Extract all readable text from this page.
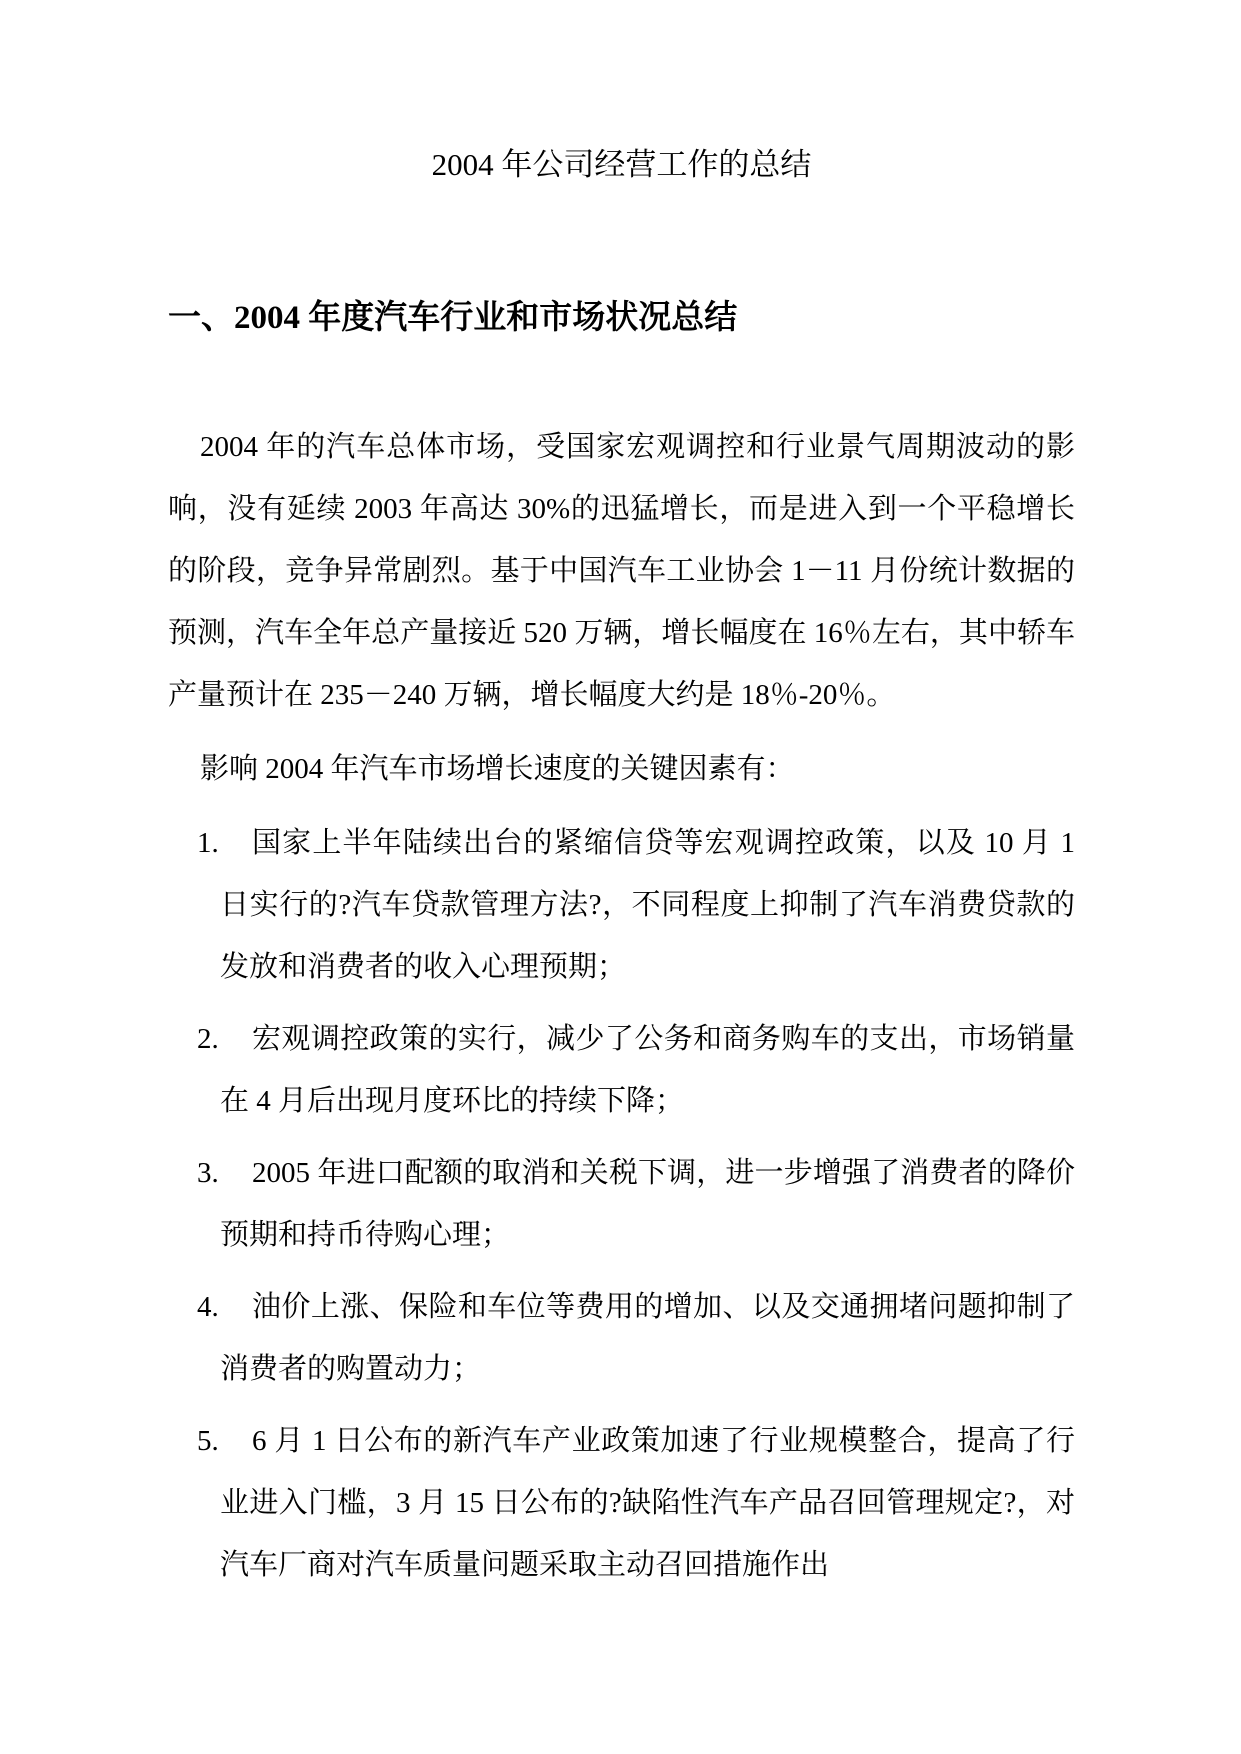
2004 年公司经营工作的总结
一、2004 年度汽车行业和市场状况总结

2004 年的汽车总体市场，受国家宏观调控和行业景气周期波动的影响，没有延续 2003 年高达 30%的迅猛增长，而是进入到一个平稳增长的阶段，竞争异常剧烈。基于中国汽车工业协会 1－11 月份统计数据的预测，汽车全年总产量接近 520 万辆，增长幅度在 16％左右，其中轿车产量预计在 235－240 万辆，增长幅度大约是 18％-20％。

影响 2004 年汽车市场增长速度的关键因素有：

1. 国家上半年陆续出台的紧缩信贷等宏观调控政策，以及 10 月 1 日实行的?汽车贷款管理方法?，不同程度上抑制了汽车消费贷款的发放和消费者的收入心理预期；
2. 宏观调控政策的实行，减少了公务和商务购车的支出，市场销量在 4 月后出现月度环比的持续下降；
3. 2005 年进口配额的取消和关税下调，进一步增强了消费者的降价预期和持币待购心理；
4. 油价上涨、保险和车位等费用的增加、以及交通拥堵问题抑制了消费者的购置动力；
5. 6 月 1 日公布的新汽车产业政策加速了行业规模整合，提高了行业进入门槛，3 月 15 日公布的?缺陷性汽车产品召回管理规定?，对汽车厂商对汽车质量问题采取主动召回措施作出
